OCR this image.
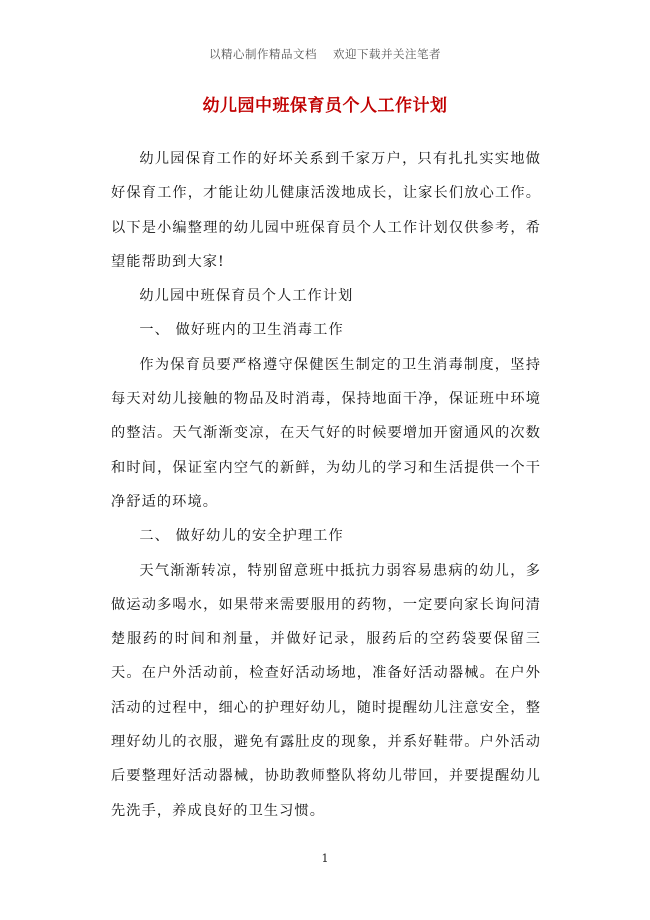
以精心制作精品文档 欢迎下载并关注笔者
幼儿园中班保育员个人工作计划

幼儿园保育工作的好坏关系到千家万户，只有扎扎实实地做好保育工作，才能让幼儿健康活泼地成长，让家长们放心工作。以下是小编整理的幼儿园中班保育员个人工作计划仅供参考，希望能帮助到大家!

幼儿园中班保育员个人工作计划

一、 做好班内的卫生消毒工作

作为保育员要严格遵守保健医生制定的卫生消毒制度，坚持每天对幼儿接触的物品及时消毒，保持地面干净，保证班中环境的整洁。天气渐渐变凉，在天气好的时候要增加开窗通风的次数和时间，保证室内空气的新鲜，为幼儿的学习和生活提供一个干净舒适的环境。

二、 做好幼儿的安全护理工作

天气渐渐转凉，特别留意班中抵抗力弱容易患病的幼儿，多做运动多喝水，如果带来需要服用的药物，一定要向家长询问清楚服药的时间和剂量，并做好记录，服药后的空药袋要保留三天。在户外活动前，检查好活动场地，准备好活动器械。在户外活动的过程中，细心的护理好幼儿，随时提醒幼儿注意安全，整理好幼儿的衣服，避免有露肚皮的现象，并系好鞋带。户外活动后要整理好活动器械，协助教师整队将幼儿带回，并要提醒幼儿先洗手，养成良好的卫生习惯。

1
